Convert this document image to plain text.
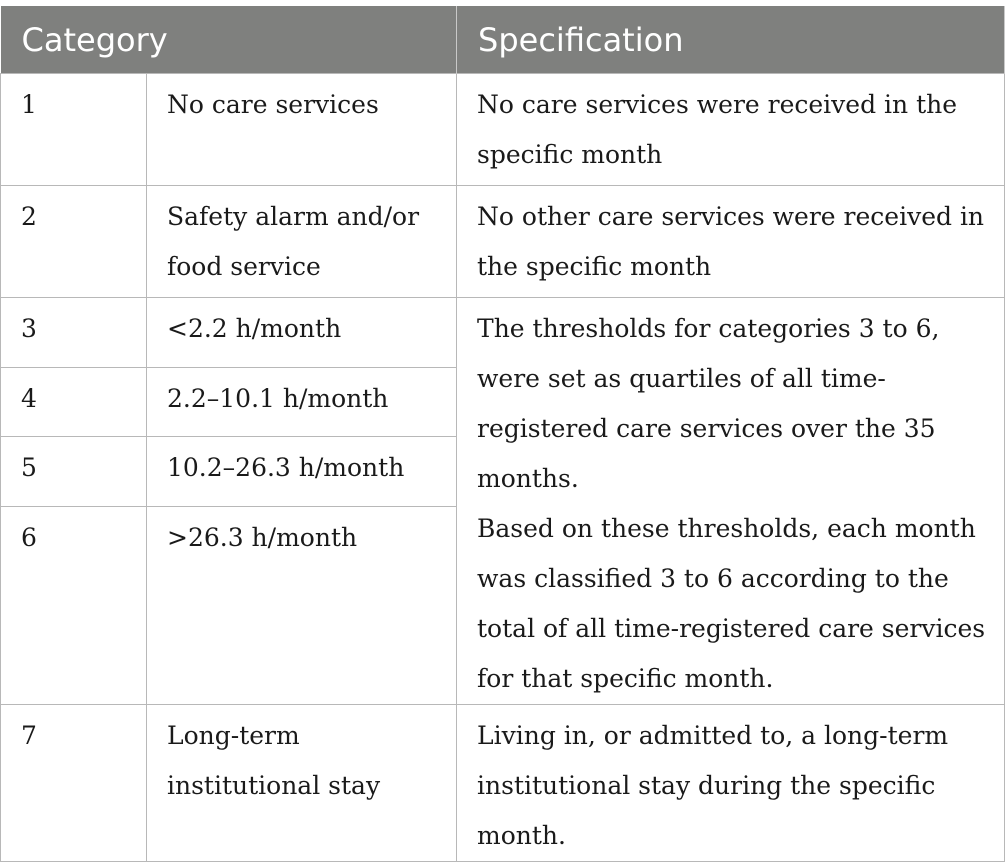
Category		Specification
1	No care services	No care services were received in the specific month
2	Safety alarm and/or food service	No other care services were received in the specific month
3	<2.2 h/month	The thresholds for categories 3 to 6, were set as quartiles of all time-registered care services over the 35 months.
Based on these thresholds, each month was classified 3 to 6 according to the total of all time-registered care services for that specific month.

4	2.2–10.1 h/month	
5	10.2–26.3 h/month	
6	>26.3 h/month	
7	Long-term institutional stay	Living in, or admitted to, a long-term institutional stay during the specific month.
